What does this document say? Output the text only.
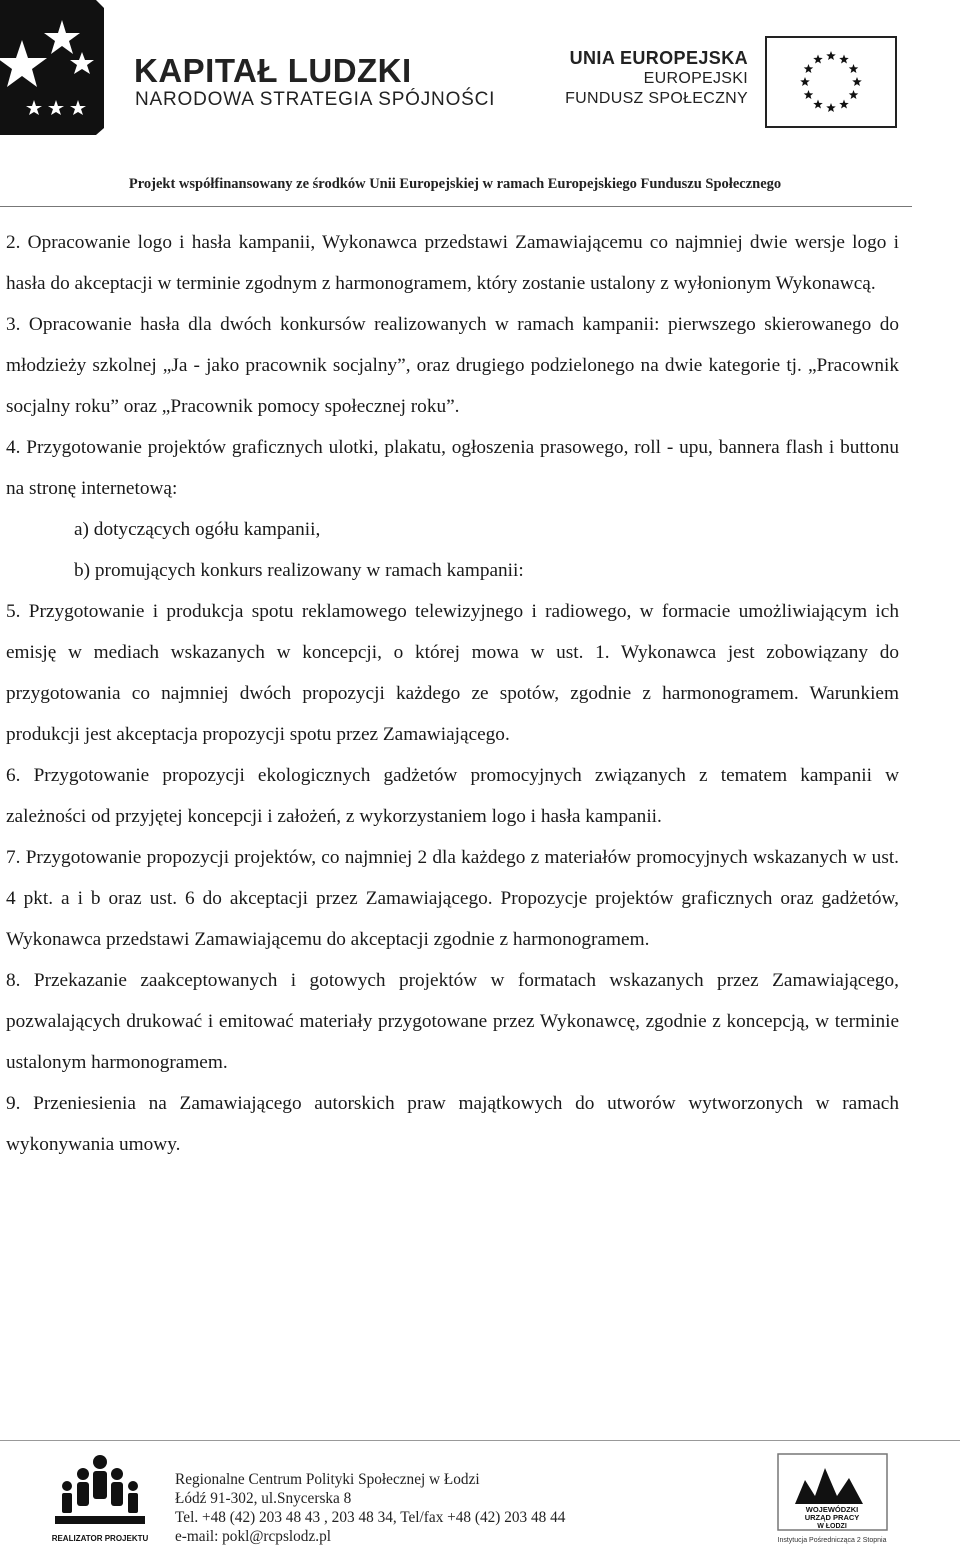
KAPITAŁ LUDZKI
NARODOWA STRATEGIA SPÓJNOŚCI
UNIA EUROPEJSKA
EUROPEJSKI
FUNDUSZ SPOŁECZNY
Projekt współfinansowany ze środków Unii Europejskiej w ramach Europejskiego Funduszu Społecznego

2. Opracowanie logo i hasła kampanii, Wykonawca przedstawi Zamawiającemu co najmniej dwie wersje logo i hasła do akceptacji w terminie zgodnym z harmonogramem, który zostanie ustalony z wyłonionym Wykonawcą.

3. Opracowanie hasła dla dwóch konkursów realizowanych w ramach kampanii: pierwszego skierowanego do młodzieży szkolnej „Ja - jako pracownik socjalny”, oraz drugiego podzielonego na dwie kategorie tj. „Pracownik socjalny roku” oraz „Pracownik pomocy społecznej roku”.

4. Przygotowanie projektów graficznych ulotki, plakatu, ogłoszenia prasowego, roll - upu, bannera flash i buttonu na stronę internetową:

a) dotyczących ogółu kampanii,

b) promujących konkurs realizowany w ramach kampanii:

5. Przygotowanie i produkcja spotu reklamowego telewizyjnego i radiowego, w formacie umożliwiającym ich emisję w mediach wskazanych w koncepcji, o której mowa w ust. 1. Wykonawca jest zobowiązany do przygotowania co najmniej dwóch propozycji każdego ze spotów, zgodnie z harmonogramem. Warunkiem produkcji jest akceptacja propozycji spotu przez Zamawiającego.

6. Przygotowanie propozycji ekologicznych gadżetów promocyjnych związanych z tematem kampanii w zależności od przyjętej koncepcji i założeń, z wykorzystaniem logo i hasła kampanii.

7. Przygotowanie propozycji projektów, co najmniej 2 dla każdego z materiałów promocyjnych wskazanych w ust. 4 pkt. a i b oraz ust. 6 do akceptacji przez Zamawiającego. Propozycje projektów graficznych oraz gadżetów, Wykonawca przedstawi Zamawiającemu do akceptacji zgodnie z harmonogramem.

8. Przekazanie zaakceptowanych i gotowych projektów w formatach wskazanych przez Zamawiającego, pozwalających drukować i emitować materiały przygotowane przez Wykonawcę, zgodnie z koncepcją, w terminie ustalonym harmonogramem.

9. Przeniesienia na Zamawiającego autorskich praw majątkowych do utworów wytworzonych w ramach wykonywania umowy.

REALIZATOR PROJEKTU
Regionalne Centrum Polityki Społecznej w Łodzi
Łódź 91-302, ul.Snycerska 8
Tel. +48 (42) 203 48 43 , 203 48 34, Tel/fax +48 (42) 203 48 44
e-mail: pokl@rcpslodz.pl
WOJEWÓDZKI
URZĄD PRACY
W ŁODZI
Instytucja Pośrednicząca 2 Stopnia
